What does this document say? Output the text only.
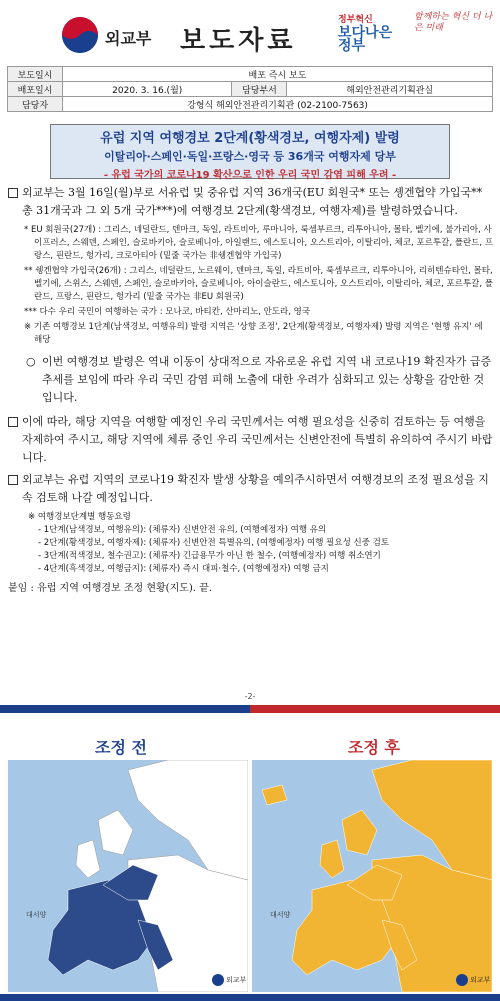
외교부 보도자료
정부혁신
보다나은 정부
함께하는 혁신 더 나은 미래
보도일시	배포 즉시 보도		
배포일시	2020. 3. 16.(월)	담당부서	해외안전관리기획관실
담당자	강형식 해외안전관리기획관 (02-2100-7563)		
유럽 지역 여행경보 2단계(황색경보, 여행자제) 발령
이탈리아·스페인·독일·프랑스·영국 등 36개국 여행자제 당부
- 유럽 국가의 코로나19 확산으로 인한 우리 국민 감염 피해 우려 -
외교부는 3월 16일(월)부로 서유럽 및 중유럽 지역 36개국(EU 회원국* 또는 솅겐협약 가입국** 총 31개국과 그 외 5개 국가***)에 여행경보 2단계(황색경보, 여행자제)를 발령하였습니다.
* EU 회원국(27개) : 그리스, 네덜란드, 덴마크, 독일, 라트비아, 루마니아, 룩셈부르크, 리투아니아, 몰타, 벨기에, 불가리아, 사이프러스, 스웨덴, 스페인, 슬로바키아, 슬로베니아, 아일랜드, 에스토니아, 오스트리아, 이탈리아, 체코, 포르투갈, 폴란드, 프랑스, 핀란드, 헝가리, 크로아티아 (밑줄 국가는 非쉥겐협약 가입국)
** 쉥겐협약 가입국(26개) : 그리스, 네덜란드, 노르웨이, 덴마크, 독일, 라트비아, 룩셈부르크, 리투아니아, 리히텐슈타인, 몰타, 벨기에, 스위스, 스웨덴, 스페인, 슬로바키아, 슬로베니아, 아이슬란드, 에스토니아, 오스트리아, 이탈리아, 체코, 포르투갈, 폴란드, 프랑스, 핀란드, 헝가리 (밑줄 국가는 非EU 회원국)
*** 다수 우리 국민이 여행하는 국가 : 모나코, 바티칸, 산마리노, 안도라, 영국
※ 기존 여행경보 1단계(남색경보, 여행유의) 발령 지역은 '상향 조정', 2단계(황색경보, 여행자제) 발령 지역은 '현행 유지' 에 해당
○ 이번 여행경보 발령은 역내 이동이 상대적으로 자유로운 유럽 지역 내 코로나19 확진자가 급증 추세를 보임에 따라 우리 국민 감염 피해 노출에 대한 우려가 심화되고 있는 상황을 감안한 것입니다.
이에 따라, 해당 지역을 여행할 예정인 우리 국민께서는 여행 필요성을 신중히 검토하는 등 여행을 자제하여 주시고, 해당 지역에 체류 중인 우리 국민께서는 신변안전에 특별히 유의하여 주시기 바랍니다.
외교부는 유럽 지역의 코로나19 확진자 발생 상황을 예의주시하면서 여행경보의 조정 필요성을 지속 검토해 나갈 예정입니다.
※ 여행경보단계별 행동요령
- 1단계(남색경보, 여행유의): (체류자) 신변안전 유의, (여행예정자) 여행 유의
- 2단계(황색경보, 여행자제): (체류자) 신변안전 특별유의, (여행예정자) 여행 필요성 신중 검토
- 3단계(적색경보, 철수권고): (체류자) 긴급용무가 아닌 한 철수, (여행예정자) 여행 취소연기
- 4단계(흑색경보, 여행금지): (체류자) 즉시 대피·철수, (여행예정자) 여행 금지
붙임 : 유럽 지역 여행경보 조정 현황(지도). 끝.
-2-
조정 전	조정 후
대서양
외교부
대서양
외교부
